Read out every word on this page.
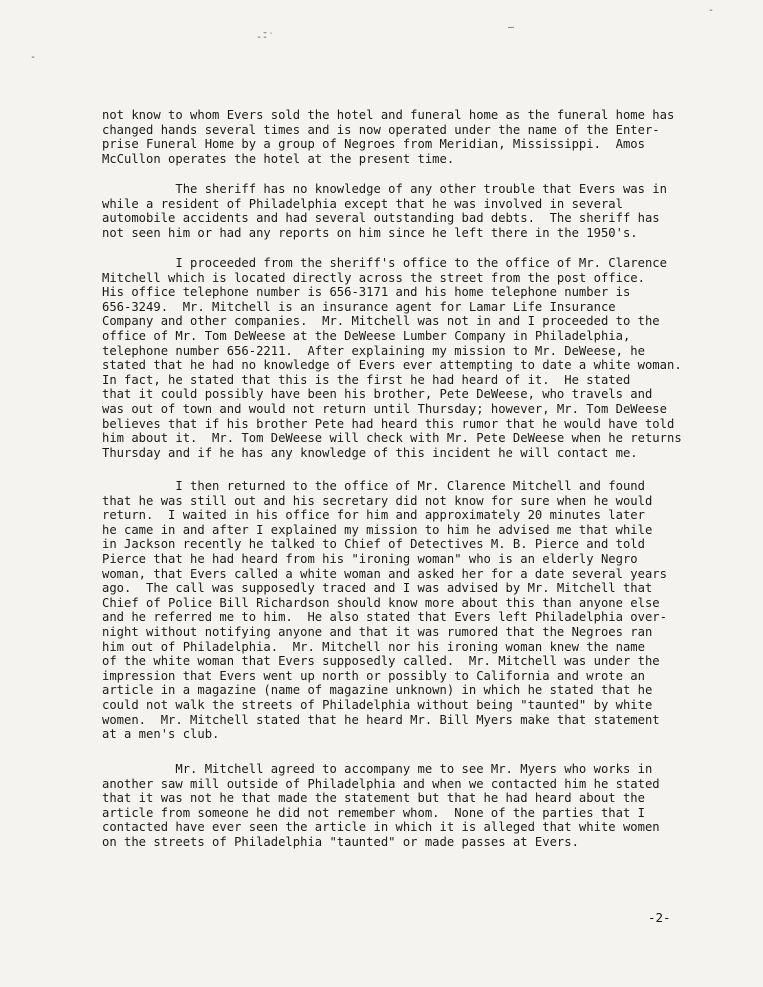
-̄-˙
—
-
-
not know to whom Evers sold the hotel and funeral home as the funeral home has
changed hands several times and is now operated under the name of the Enter-
prise Funeral Home by a group of Negroes from Meridian, Mississippi.  Amos
McCullon operates the hotel at the present time.
The sheriff has no knowledge of any other trouble that Evers was in
while a resident of Philadelphia except that he was involved in several
automobile accidents and had several outstanding bad debts.  The sheriff has
not seen him or had any reports on him since he left there in the 1950's.
I proceeded from the sheriff's office to the office of Mr. Clarence
Mitchell which is located directly across the street from the post office.
His office telephone number is 656-3171 and his home telephone number is
656-3249.  Mr. Mitchell is an insurance agent for Lamar Life Insurance
Company and other companies.  Mr. Mitchell was not in and I proceeded to the
office of Mr. Tom DeWeese at the DeWeese Lumber Company in Philadelphia,
telephone number 656-2211.  After explaining my mission to Mr. DeWeese, he
stated that he had no knowledge of Evers ever attempting to date a white woman.
In fact, he stated that this is the first he had heard of it.  He stated
that it could possibly have been his brother, Pete DeWeese, who travels and
was out of town and would not return until Thursday; however, Mr. Tom DeWeese
believes that if his brother Pete had heard this rumor that he would have told
him about it.  Mr. Tom DeWeese will check with Mr. Pete DeWeese when he returns
Thursday and if he has any knowledge of this incident he will contact me.
I then returned to the office of Mr. Clarence Mitchell and found
that he was still out and his secretary did not know for sure when he would
return.  I waited in his office for him and approximately 20 minutes later
he came in and after I explained my mission to him he advised me that while
in Jackson recently he talked to Chief of Detectives M. B. Pierce and told
Pierce that he had heard from his "ironing woman" who is an elderly Negro
woman, that Evers called a white woman and asked her for a date several years
ago.  The call was supposedly traced and I was advised by Mr. Mitchell that
Chief of Police Bill Richardson should know more about this than anyone else
and he referred me to him.  He also stated that Evers left Philadelphia over-
night without notifying anyone and that it was rumored that the Negroes ran
him out of Philadelphia.  Mr. Mitchell nor his ironing woman knew the name
of the white woman that Evers supposedly called.  Mr. Mitchell was under the
impression that Evers went up north or possibly to California and wrote an
article in a magazine (name of magazine unknown) in which he stated that he
could not walk the streets of Philadelphia without being "taunted" by white
women.  Mr. Mitchell stated that he heard Mr. Bill Myers make that statement
at a men's club.
Mr. Mitchell agreed to accompany me to see Mr. Myers who works in
another saw mill outside of Philadelphia and when we contacted him he stated
that it was not he that made the statement but that he had heard about the
article from someone he did not remember whom.  None of the parties that I
contacted have ever seen the article in which it is alleged that white women
on the streets of Philadelphia "taunted" or made passes at Evers.
-2-
